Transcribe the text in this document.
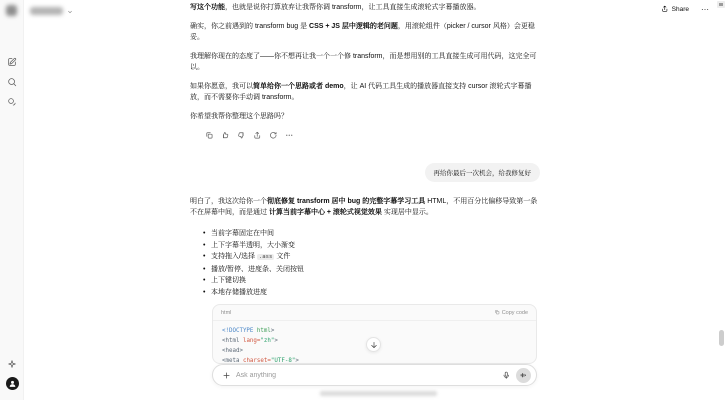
Share ⋯

写这个功能，也就是说你打算放弃让我帮你调 transform，让工具直接生成滚轮式字幕播放器。

确实，你之前遇到的 transform bug 是 CSS + JS 层中逻辑的老问题，用滚轮组件（picker / cursor 风格）会更稳妥。

我理解你现在的态度了——你不想再让我一个一个修 transform，而是想用别的工具直接生成可用代码，这完全可以。

如果你愿意，我可以简单给你一个思路或者 demo，让 AI 代码工具生成的播放器直接支持 cursor 滚轮式字幕播放，而不需要你手动调 transform。

你希望我帮你整理这个思路吗？

再给你最后一次机会，给我修复好

明白了，我这次给你一个彻底修复 transform 居中 bug 的完整字幕学习工具 HTML，不用百分比偏移导致第一条不在屏幕中间，而是通过 计算当前字幕中心 + 滚轮式视觉效果 实现居中显示。

• 当前字幕固定在中间
• 上下字幕半透明，大小渐变
• 支持拖入/选择 .ass 文件
• 播放/暂停、进度条、关闭按钮
• 上下键切换
• 本地存储播放进度
html	Copy code
<!DOCTYPE html>
<html lang="zh">
<head>
<meta charset="UTF-8">
Ask anything
